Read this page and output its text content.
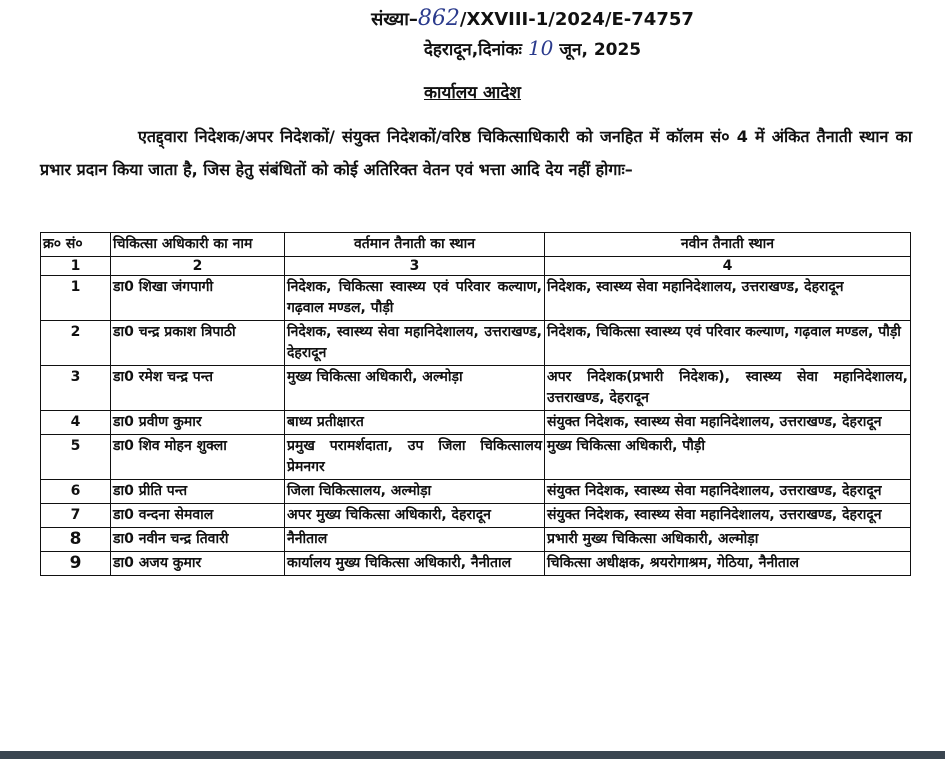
संख्या–862/XXVIII-1/2024/E-74757
देहरादून,दिनांकः 10 जून, 2025
कार्यालय आदेश
एतद्द्वारा निदेशक/अपर निदेशकों/ संयुक्त निदेशकों/वरिष्ठ चिकित्साधिकारी को जनहित में कॉलम सं० 4 में अंकित तैनाती स्थान का प्रभार प्रदान किया जाता है, जिस हेतु संबंधितों को कोई अतिरिक्त वेतन एवं भत्ता आदि देय नहीं होगाः–
क्र० सं०	चिकित्सा अधिकारी का नाम	वर्तमान तैनाती का स्थान	नवीन तैनाती स्थान
1	2	3	4
1	डा0 शिखा जंगपागी	निदेशक, चिकित्सा स्वास्थ्य एवं परिवार कल्याण, गढ़वाल मण्डल, पौड़ी	निदेशक, स्वास्थ्य सेवा महानिदेशालय, उत्तराखण्ड, देहरादून
2	डा0 चन्द्र प्रकाश त्रिपाठी	निदेशक, स्वास्थ्य सेवा महानिदेशालय, उत्तराखण्ड, देहरादून	निदेशक, चिकित्सा स्वास्थ्य एवं परिवार कल्याण, गढ़वाल मण्डल, पौड़ी
3	डा0 रमेश चन्द्र पन्त	मुख्य चिकित्सा अधिकारी, अल्मोड़ा	अपर निदेशक(प्रभारी निदेशक), स्वास्थ्य सेवा महानिदेशालय, उत्तराखण्ड, देहरादून
4	डा0 प्रवीण कुमार	बाध्य प्रतीक्षारत	संयुक्त निदेशक, स्वास्थ्य सेवा महानिदेशालय, उत्तराखण्ड, देहरादून
5	डा0 शिव मोहन शुक्ला	प्रमुख परामर्शदाता, उप जिला चिकित्सालय प्रेमनगर	मुख्य चिकित्सा अधिकारी, पौड़ी
6	डा0 प्रीति पन्त	जिला चिकित्सालय, अल्मोड़ा	संयुक्त निदेशक, स्वास्थ्य सेवा महानिदेशालय, उत्तराखण्ड, देहरादून
7	डा0 वन्दना सेमवाल	अपर मुख्य चिकित्सा अधिकारी, देहरादून	संयुक्त निदेशक, स्वास्थ्य सेवा महानिदेशालय, उत्तराखण्ड, देहरादून
8	डा0 नवीन चन्द्र तिवारी	नैनीताल	प्रभारी मुख्य चिकित्सा अधिकारी, अल्मोड़ा
9	डा0 अजय कुमार	कार्यालय मुख्य चिकित्सा अधिकारी, नैनीताल	चिकित्सा अधीक्षक, श्रयरोगाश्रम, गेठिया, नैनीताल
